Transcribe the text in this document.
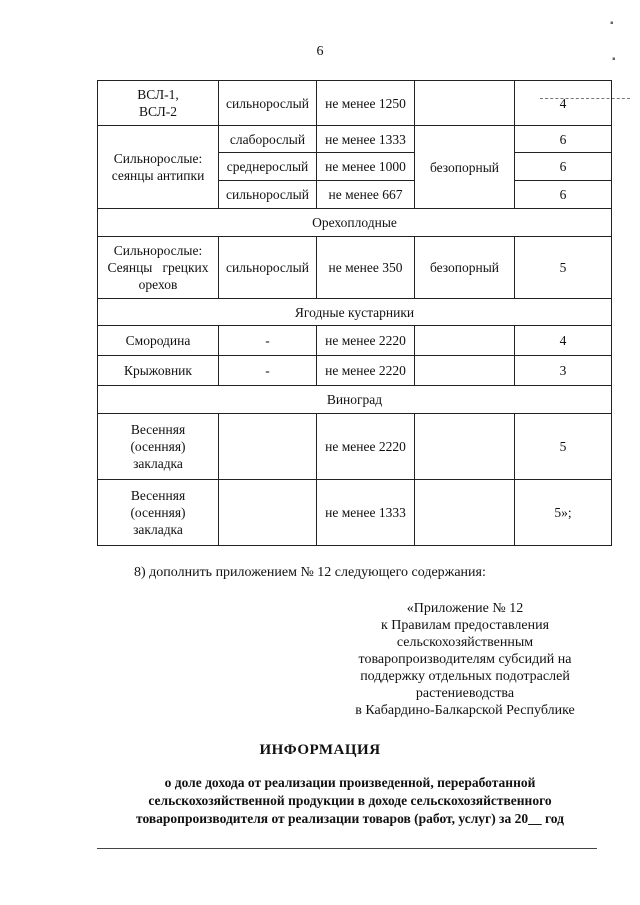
6
▪
▪
ВСЛ-1,
ВСЛ-2	сильнорослый	не менее 1250		4

Сильнорослые:
сеянцы антипки	слаборослый	не менее 1333	безопорный	6
	среднерослый	не менее 1000		6
	сильнорослый	не менее 667		6
Орехоплодные				

Сильнорослые:
Сеянцы   грецких
орехов	сильнорослый	не менее 350	безопорный	5
Ягодные кустарники				
Смородина	-	не менее 2220		4
Крыжовник	-	не менее 2220		3
Виноград				

Весенняя
(осенняя)
закладка		не менее 2220		5

Весенняя
(осенняя)
закладка		не менее 1333		5»;
8) дополнить приложением № 12 следующего содержания:
«Приложение № 12
к Правилам предоставления
сельскохозяйственным
товаропроизводителям субсидий на
поддержку отдельных подотраслей
растениеводства
в Кабардино-Балкарской Республике
ИНФОРМАЦИЯ
о доле дохода от реализации произведенной, переработанной
сельскохозяйственной продукции в доходе сельскохозяйственного
товаропроизводителя от реализации товаров (работ, услуг) за 20__ год
